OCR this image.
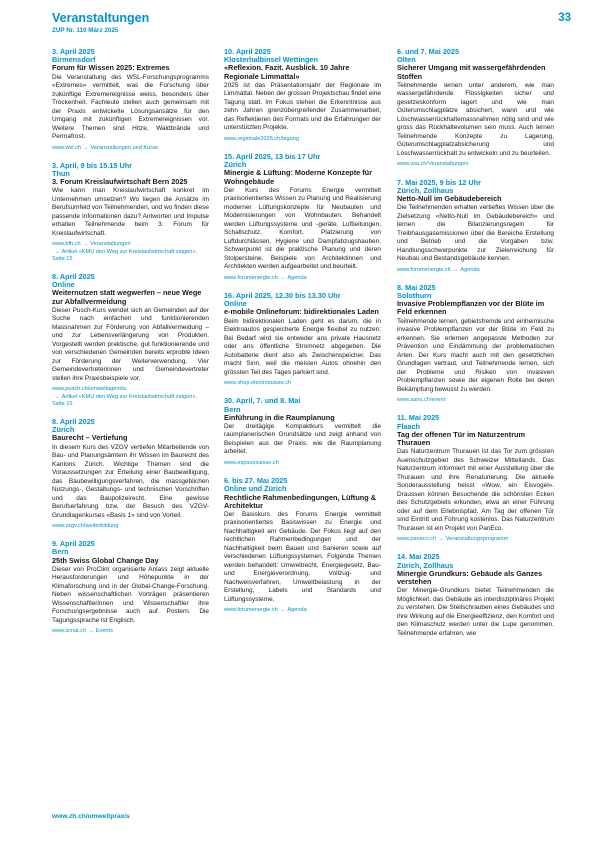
Veranstaltungen
ZUP Nr. 110 März 2025
33
3. April 2025
Birmensdorf
Forum für Wissen 2025: Extremes
Die Veranstaltung des WSL-Forschungsprogramms «Extremes» vermittelt, was die Forschung über zukünftige Extremereignisse weiss, besonders über Trockenheit. Fachleute stellen auch gemeinsam mit der Praxis entwickelte Lösungsansätze für den Umgang mit zukünftigen Extremereignissen vor. Weitere Themen sind Hitze, Waldbrände und Permafrost.
www.wsl.ch → Veranstaltungen und Kurse
3. April, 9 bis 15.15 Uhr
Thun
3. Forum Kreislaufwirtschaft Bern 2025
Wie kann man Kreislaufwirtschaft konkret im Unternehmen umsetzen? Wo liegen die Ansätze im Berufsumfeld von Teilnehmenden, und wo finden diese passende Informationen dazu? Antworten und Impulse erhalten Teilnehmende beim 3. Forum für Kreislaufwirtschaft.
www.bfh.ch → Veranstaltungen
→ Artikel «KMU den Weg zur Kreislaufwirtschaft zeigen», Seite 15
8. April 2025
Online
Weiternutzen statt wegwerfen – neue Wege zur Abfallvermeidung
Dieser Pusch-Kurs wendet sich an Gemeinden auf der Suche nach einfachen und funktionierenden Massnahmen zur Förderung von Abfallvermeidung – und zur Lebensverlängerung von Produkten. Vorgestellt werden praktische, gut funktionierende und von verschiedenen Gemeinden bereits erprobte Ideen zur Förderung der Weiterverwendung. Vier Gemeindevertreterinnen und Gemeindevertreter stellen ihre Praxisbeispiele vor.
www.pusch.ch/umweltagenda
→ Artikel «KMU den Weg zur Kreislaufwirtschaft zeigen», Seite 15
8. April 2025
Zürich
Baurecht – Vertiefung
In diesem Kurs des VZGV vertiefen Mitarbeitende von Bau- und Planungsämtern ihr Wissen im Baurecht des Kantons Zürich. Wichtige Themen sind die Voraussetzungen zur Erteilung einer Baubewilligung, das Baubewilligungsverfahren, die massgeblichen Nutzungs-, Gestaltungs- und technischen Vorschriften und das Baupolizeirecht. Eine gewisse Berufserfahrung bzw. der Besuch des VZGV-Grundlagenkurses «Basis 1» sind von Vorteil.
www.vzgv.ch/weiterbildung
9. April 2025
Bern
25th Swiss Global Change Day
Dieser von ProClim organisierte Anlass zeigt aktuelle Herausforderungen und Höhepunkte in der Klimaforschung und in der Global-Change-Forschung. Neben wissenschaftlichen Vorträgen präsentieren Wissenschaftlerinnen und Wissenschaftler ihre Forschungsergebnisse auch auf Postern. Die Tagungssprache ist Englisch.
www.scnat.ch → Events
10. April 2025
Klosterhalbinsel Wettingen
«Reflexion. Fazit. Ausblick. 10 Jahre Regionale Limmattal»
2025 ist das Präsentationsjahr der Regionale im Limmattal. Neben der grossen Projektschau findet eine Tagung statt. Im Fokus stehen die Erkenntnisse aus zehn Jahren grenzübergreifender Zusammenarbeit, das Reflektieren des Formats und die Erfahrungen der unterstützten Projekte.
www.regionale2025.ch/tagung
15. April 2025, 13 bis 17 Uhr
Zürich
Minergie & Lüftung: Moderne Konzepte für Wohngebäude
Der Kurs des Forums Energie vermittelt praxisorientiertes Wissen zu Planung und Realisierung moderner Lüftungskonzepte für Neubauten und Modernisierungen von Wohnbauten. Behandelt werden Lüftungssysteme und -geräte, Luftleitungen, Schallschutz, Komfort, Platzierung von Luftdurchlässen, Hygiene und Dampfabzugshauben. Schwerpunkt ist die praktische Planung und deren Stolpersteine. Beispiele von Architektinnen und Architekten werden aufgearbeitet und beurteilt.
www.forumenergie.ch → Agenda
16. April 2025, 12.30 bis 13.30 Uhr
Online
e-mobile Onlineforum: bidirektionales Laden
Beim bidirektionalen Laden geht es darum, die in Elektroautos gespeicherte Energie flexibel zu nutzen: Bei Bedarf wird sie entweder ans private Hausnetz oder ans öffentliche Stromnetz abgegeben. Die Autobatterie dient also als Zwischenspeicher. Das macht Sinn, weil die meisten Autos ohnehin den grössten Teil des Tages parkiert sind.
www.shop.electrosuisse.ch
30. April, 7. und 8. Mai
Bern
Einführung in die Raumplanung
Der dreitägige Kompaktkurs vermittelt die raumplanerischen Grundsätze und zeigt anhand von Beispielen aus der Praxis, wie die Raumplanung arbeitet.
www.espacesuisse.ch
6. bis 27. Mai 2025
Online und Zürich
Rechtliche Rahmenbedingungen, Lüftung & Architektur
Der Basiskurs des Forums Energie vermittelt praxisorientiertes Basiswissen zu Energie und Nachhaltigkeit am Gebäude. Der Fokus liegt auf den rechtlichen Rahmenbedingungen und der Nachhaltigkeit beim Bauen und Sanieren sowie auf verschiedenen Lüftungssystemen. Folgende Themen werden behandelt: Umweltrecht, Energiegesetz, Bau- und Energieverordnung, Vollzug- und Nachweisverfahren, Umweltbelastung in der Erstellung, Labels und Standards und Lüftungssysteme.
www.forumenergie.ch → Agenda
6. und 7. Mai 2025
Olten
Sicherer Umgang mit wassergefährdenden Stoffen
Teilnehmende lernen unter anderem, wie man wassergefährdende Flüssigkeiten sicher und gesetzeskonform lagert und wie man Güterumschlagplätze absichert, wann und wie Löschwasserrückhaltemassnahmen nötig sind und wie gross das Rückhaltevolumen sein muss. Auch lernen Teilnehmende Konzepte zu Lagerung, Güterumschlagplatzabsicherung und Löschwasserrückhalt zu entwickeln und zu beurteilen.
www.vsa.ch/Veranstaltungen
7. Mai 2025, 9 bis 12 Uhr
Zürich, Zollhaus
Netto-Null im Gebäudebereich
Die Teilnehmenden erhalten vertieftes Wissen über die Zielsetzung «Netto-Null im Gebäudebereich» und lernen die Bilanzierungsregeln für Treibhausgasemissionen über die Bereiche Erstellung und Betrieb und die Vorgaben bzw. Handlungsschwerpunkte zur Zielerreichung für Neubau und Bestandsgebäude kennen.
www.forumenergie.ch → Agenda
8. Mai 2025
Solothurn
Invasive Problempflanzen vor der Blüte im Feld erkennen
Teilnehmende lernen, gebietsfremde und einheimische invasive Problempflanzen vor der Blüte im Feld zu erkennen. Sie erlernen angepasste Methoden zur Prävention und Eindämmung der problematischen Arten. Der Kurs macht auch mit den gesetzlichen Grundlagen vertraut, und Teilnehmende lernen, sich der Probleme und Risiken von invasiven Problempflanzen sowie der eigenen Rolle bei deren Bekämpfung bewusst zu werden.
www.sanu.ch/event
11. Mai 2025
Flaach
Tag der offenen Tür im Naturzentrum Thurauen
Das Naturzentrum Thurauen ist das Tor zum grössten Auenschutzgebiet des Schweizer Mittellands. Das Naturzentrum informiert mit einer Ausstellung über die Thurauen und ihre Renaturierung. Die aktuelle Sonderausstellung heisst «Wow, ein Eisvogel». Draussen können Besuchende die schönsten Ecken des Schutzgebiets erkunden, etwa an einer Führung oder auf dem Erlebnispfad. Am Tag der offenen Tür sind Eintritt und Führung kostenlos. Das Naturzentrum Thurauen ist ein Projekt von PanEco.
www.paneco.ch → Veranstaltungsprogramm
14. Mai 2025
Zürich, Zollhaus
Minergie Grundkurs: Gebäude als Ganzes verstehen
Der Minergie-Grundkurs bietet Teilnehmenden die Möglichkeit, das Gebäude als interdisziplinäres Projekt zu verstehen. Die Stellschrauben eines Gebäudes und ihre Wirkung auf die Energieeffizienz, den Komfort und den Klimaschutz werden unter die Lupe genommen. Teilnehmende erfahren, wie
www.zh.ch/umweltpraxis
